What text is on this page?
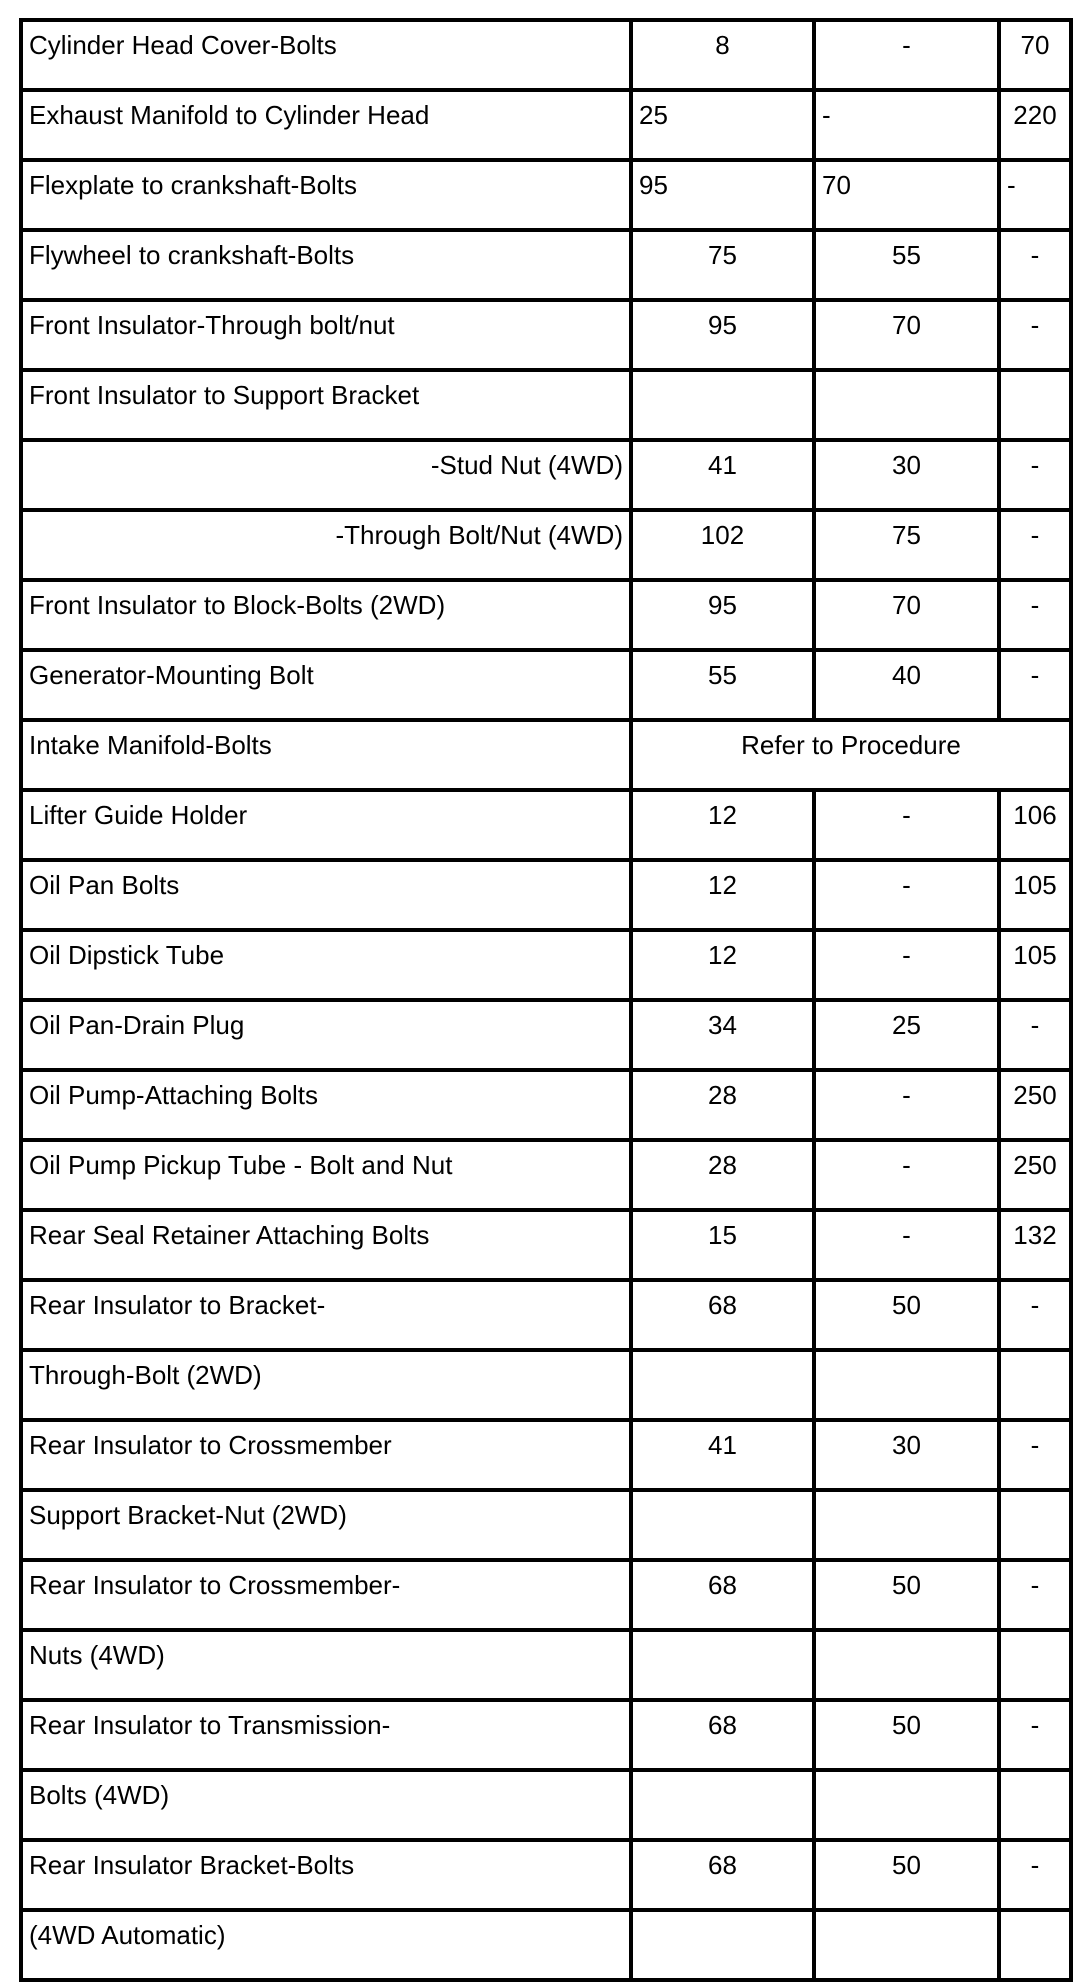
Cylinder Head Cover-Bolts	8	-	70
Exhaust Manifold to Cylinder Head	25	-	220
Flexplate to crankshaft-Bolts	95	70	-
Flywheel to crankshaft-Bolts	75	55	-
Front Insulator-Through bolt/nut	95	70	-
Front Insulator to Support Bracket			
-Stud Nut (4WD)	41	30	-
-Through Bolt/Nut (4WD)	102	75	-
Front Insulator to Block-Bolts (2WD)	95	70	-
Generator-Mounting Bolt	55	40	-
Intake Manifold-Bolts	Refer to Procedure		
Lifter Guide Holder	12	-	106
Oil Pan Bolts	12	-	105
Oil Dipstick Tube	12	-	105
Oil Pan-Drain Plug	34	25	-
Oil Pump-Attaching Bolts	28	-	250
Oil Pump Pickup Tube - Bolt and Nut	28	-	250
Rear Seal Retainer Attaching Bolts	15	-	132
Rear Insulator to Bracket-	68	50	-
Through-Bolt (2WD)			
Rear Insulator to Crossmember	41	30	-
Support Bracket-Nut (2WD)			
Rear Insulator to Crossmember-	68	50	-
Nuts (4WD)			
Rear Insulator to Transmission-	68	50	-
Bolts (4WD)			
Rear Insulator Bracket-Bolts	68	50	-
(4WD Automatic)			
